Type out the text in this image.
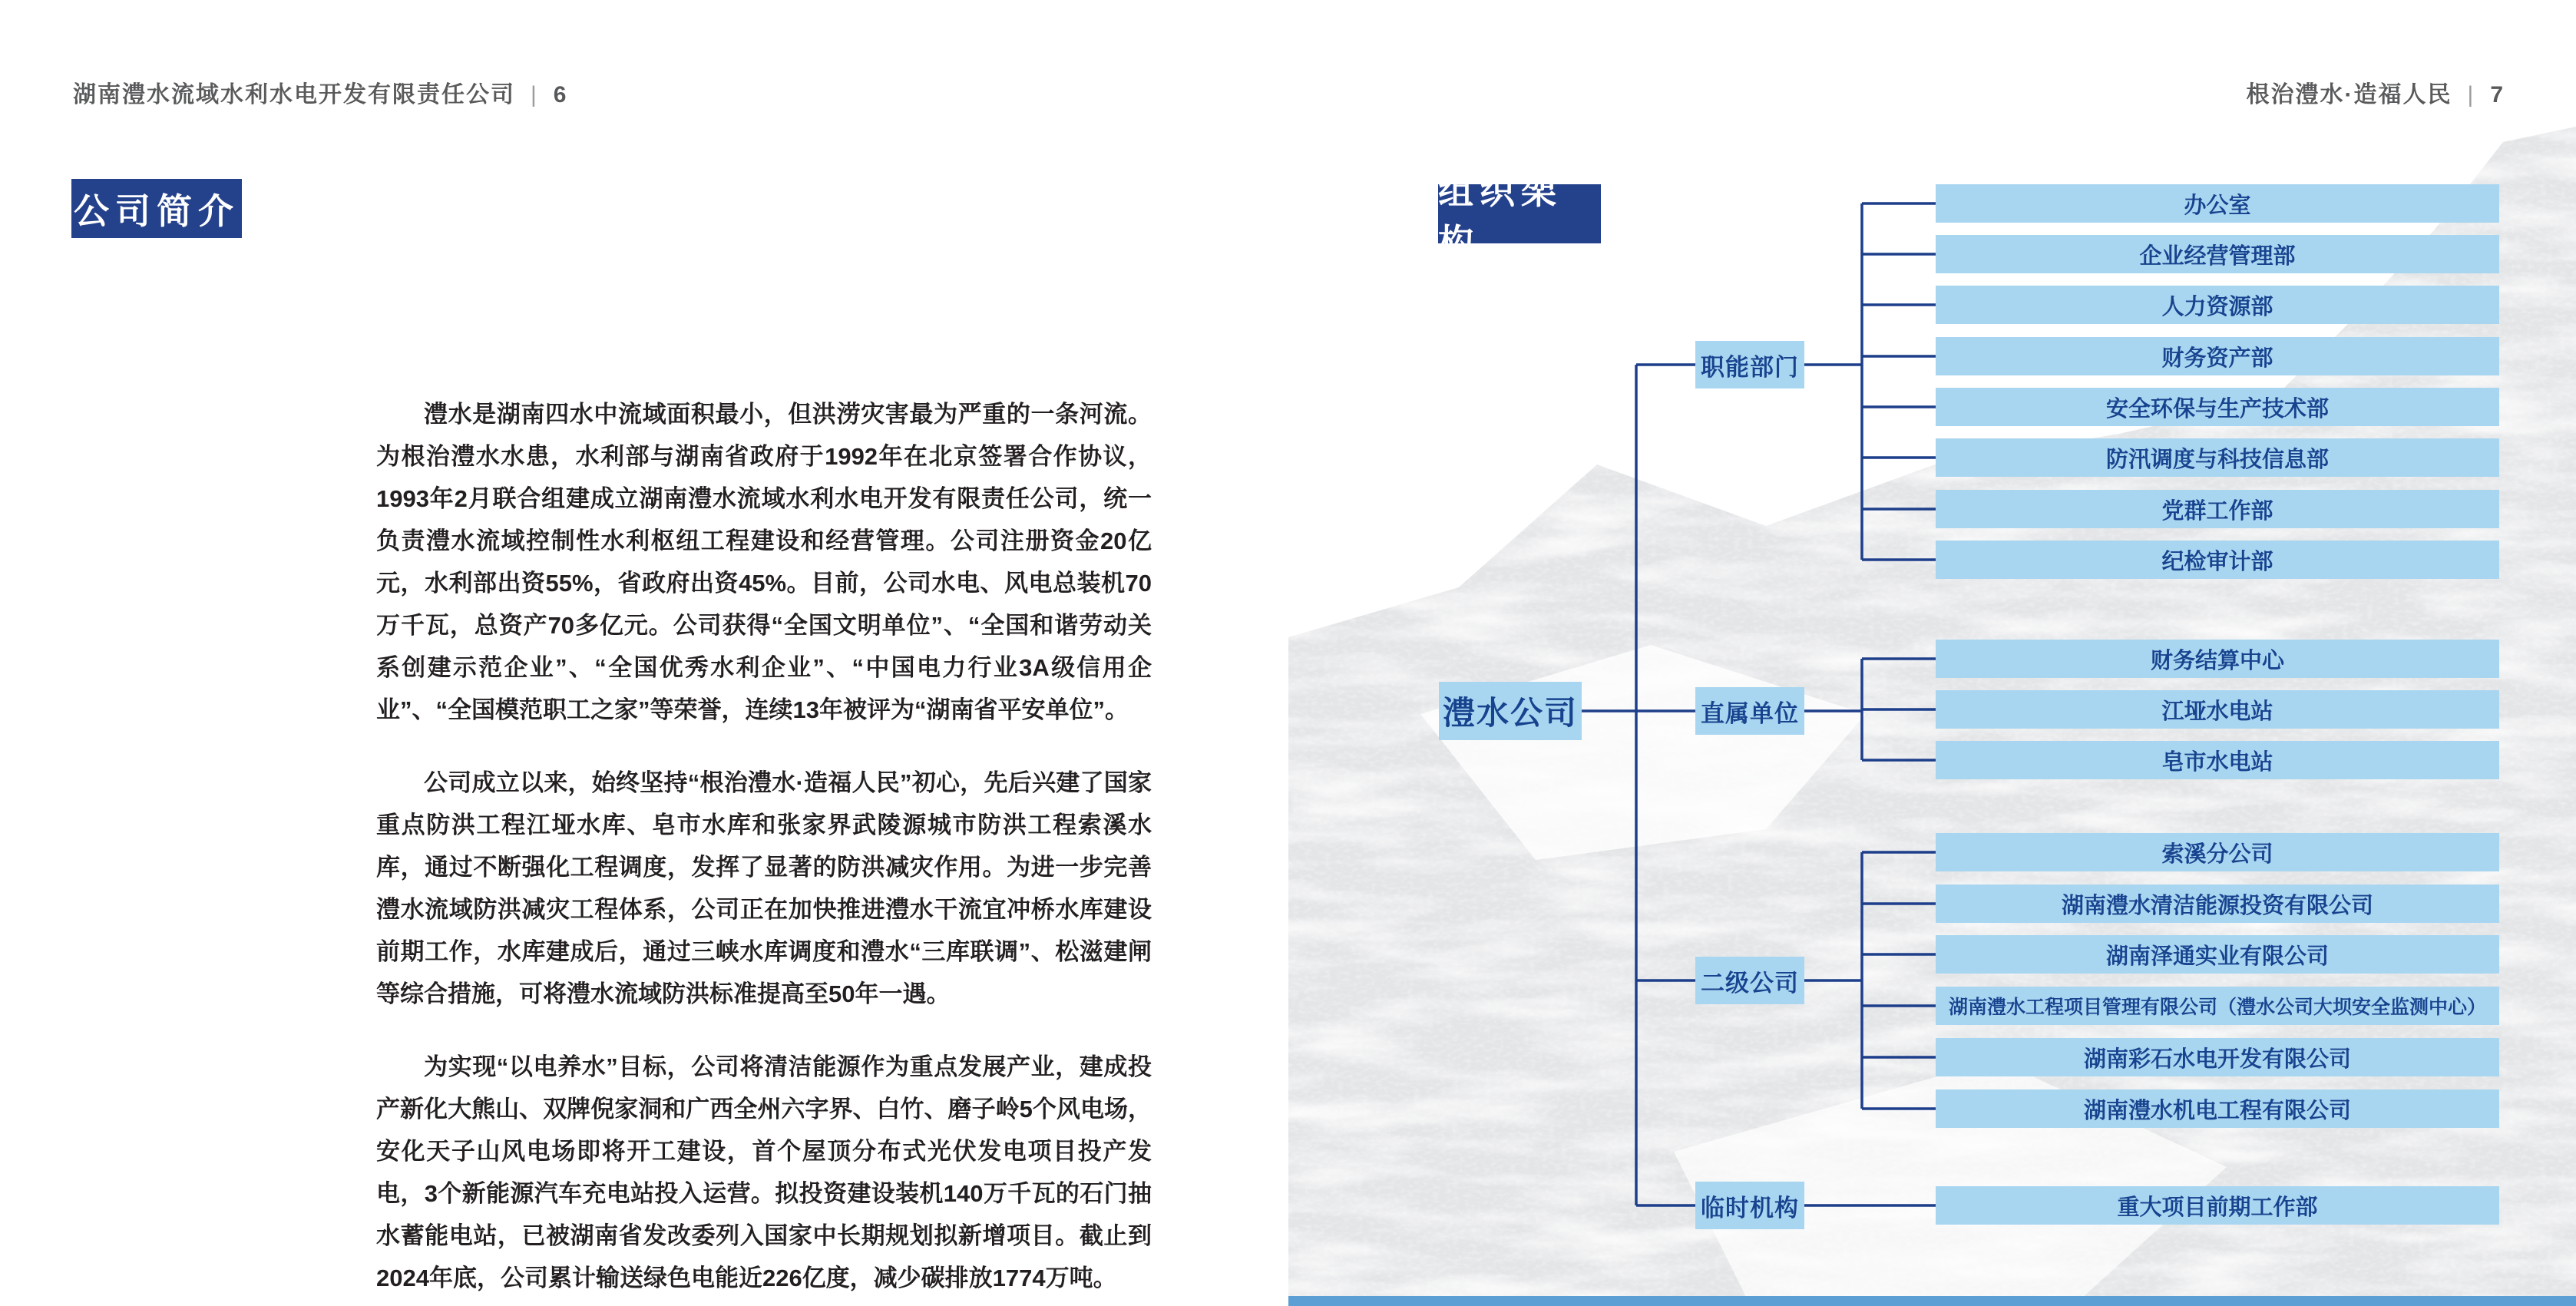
湖南澧水流域水利水电开发有限责任公司 | 6	根治澧水·造福人民 | 7
公司简介	组织架构

澧水是湖南四水中流域面积最小，但洪涝灾害最为严重的一条河流。为根治澧水水患，水利部与湖南省政府于1992年在北京签署合作协议，1993年2月联合组建成立湖南澧水流域水利水电开发有限责任公司，统一负责澧水流域控制性水利枢纽工程建设和经营管理。公司注册资金20亿元，水利部出资55%，省政府出资45%。目前，公司水电、风电总装机70万千瓦，总资产70多亿元。公司获得“全国文明单位”、“全国和谐劳动关系创建示范企业”、“全国优秀水利企业”、“中国电力行业3A级信用企业”、“全国模范职工之家”等荣誉，连续13年被评为“湖南省平安单位”。

公司成立以来，始终坚持“根治澧水·造福人民”初心，先后兴建了国家重点防洪工程江垭水库、皂市水库和张家界武陵源城市防洪工程索溪水库，通过不断强化工程调度，发挥了显著的防洪减灾作用。为进一步完善澧水流域防洪减灾工程体系，公司正在加快推进澧水干流宜冲桥水库建设前期工作，水库建成后，通过三峡水库调度和澧水“三库联调”、松滋建闸等综合措施，可将澧水流域防洪标准提高至50年一遇。

为实现“以电养水”目标，公司将清洁能源作为重点发展产业，建成投产新化大熊山、双牌倪家洞和广西全州六字界、白竹、磨子岭5个风电场，安化天子山风电场即将开工建设，首个屋顶分布式光伏发电项目投产发电，3个新能源汽车充电站投入运营。拟投资建设装机140万千瓦的石门抽水蓄能电站，已被湖南省发改委列入国家中长期规划拟新增项目。截止到2024年底，公司累计输送绿色电能近226亿度，减少碳排放1774万吨。

澧水公司
职能部门
办公室
企业经营管理部
人力资源部
财务资产部
安全环保与生产技术部
防汛调度与科技信息部
党群工作部
纪检审计部
直属单位
财务结算中心
江垭水电站
皂市水电站
二级公司
索溪分公司
湖南澧水清洁能源投资有限公司
湖南泽通实业有限公司
湖南澧水工程项目管理有限公司（澧水公司大坝安全监测中心）
湖南彩石水电开发有限公司
湖南澧水机电工程有限公司
临时机构	重大项目前期工作部
